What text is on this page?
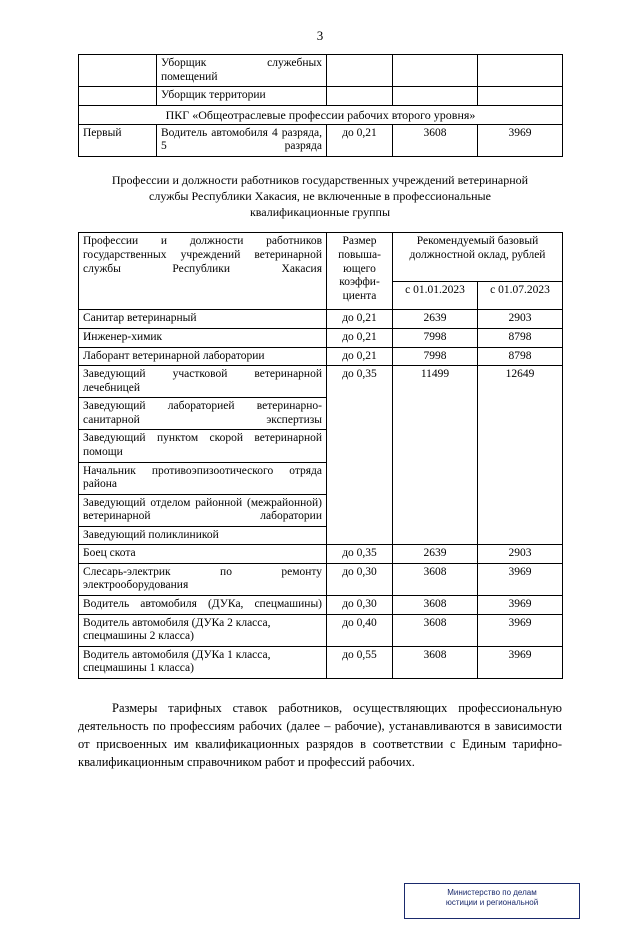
3
	Уборщик служебных помещений			
	Уборщик территории			
ПКГ «Общеотраслевые профессии рабочих второго уровня»				
Первый	Водитель автомобиля 4 разряда, 5 разряда	до 0,21	3608	3969

Профессии и должности работников государственных учреждений ветеринарной службы Республики Хакасия, не включенные в профессиональные квалификационные группы

Профессии и должности работников государственных учреждений ветеринарной службы Республики Хакасия	Размер повыша-ющего коэффи-циента	Рекомендуемый базовый должностной оклад, рублей	
		с 01.01.2023	с 01.07.2023
Санитар ветеринарный	до 0,21	2639	2903
Инженер-химик	до 0,21	7998	8798
Лаборант ветеринарной лаборатории	до 0,21	7998	8798
Заведующий участковой ветеринарной лечебницей	до 0,35	11499	12649
Заведующий лабораторией ветеринарно-санитарной экспертизы			
Заведующий пунктом скорой ветеринарной помощи			
Начальник противоэпизоотического отряда района			
Заведующий отделом районной (межрайонной) ветеринарной лаборатории			
Заведующий поликлиникой			
Боец скота	до 0,35	2639	2903
Слесарь-электрик по ремонту электрооборудования	до 0,30	3608	3969
Водитель автомобиля (ДУКа, спецмашины)	до 0,30	3608	3969
Водитель автомобиля (ДУКа 2 класса, спецмашины 2 класса)	до 0,40	3608	3969
Водитель автомобиля (ДУКа 1 класса, спецмашины 1 класса)	до 0,55	3608	3969

Размеры тарифных ставок работников, осуществляющих профессиональную деятельность по профессиям рабочих (далее – рабочие), устанавливаются в зависимости от присвоенных им квалификационных разрядов в соответствии с Единым тарифно-квалификационным справочником работ и профессий рабочих.

Министерство по делам
юстиции и региональной
